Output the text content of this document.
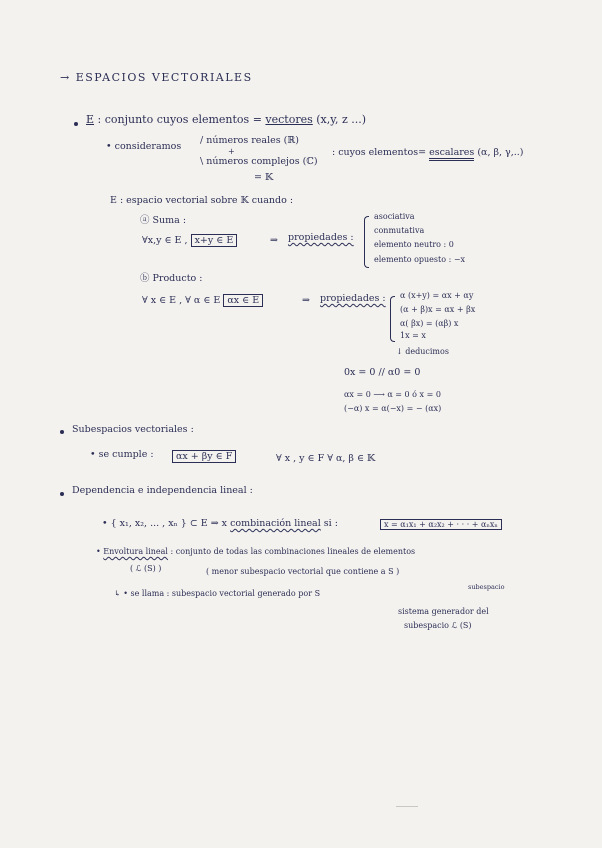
→ ESPACIOS VECTORIALES
E : conjunto cuyos elementos = vectores (x,y, z ...)
• consideramos
/ números reales (ℝ)
+
\ números complejos (ℂ)
: cuyos elementos= escalares (α, β, γ,..)
= 𝕂
E : espacio vectorial sobre 𝕂 cuando :
ⓐ Suma :
∀x,y ∈ E , x+y ∈ E	⇒ propiedades :
asociativa
conmutativa
elemento neutro : 0
elemento opuesto : −x
ⓑ Producto :
∀ x ∈ E , ∀ α ∈ E αx ∈ E	⇒ propiedades : α (x+y) = αx + αy
(α + β)x = αx + βx
α( βx) = (αβ) x
1x = x
↓ deducimos
0x = 0 // α0 = 0
αx = 0 ⟶ α = 0 ó x = 0
(−α) x = α(−x) = − (αx)
Subespacios vectoriales :
• se cumple :	αx + βy ∈ F	∀ x , y ∈ F ∀ α, β ∈ 𝕂
Dependencia e independencia lineal :
• { x₁, x₂, ... , xₙ } ⊂ E ⇒ x combinación lineal si :	x = α₁x₁ + α₂x₂ + · · · + αₙxₙ
• Envoltura lineal : conjunto de todas las combinaciones lineales de elementos
( ℒ (S) )	( menor subespacio vectorial que contiene a S )
subespacio
↳ • se llama : subespacio vectorial generado por S
sistema generador del
subespacio ℒ (S)
